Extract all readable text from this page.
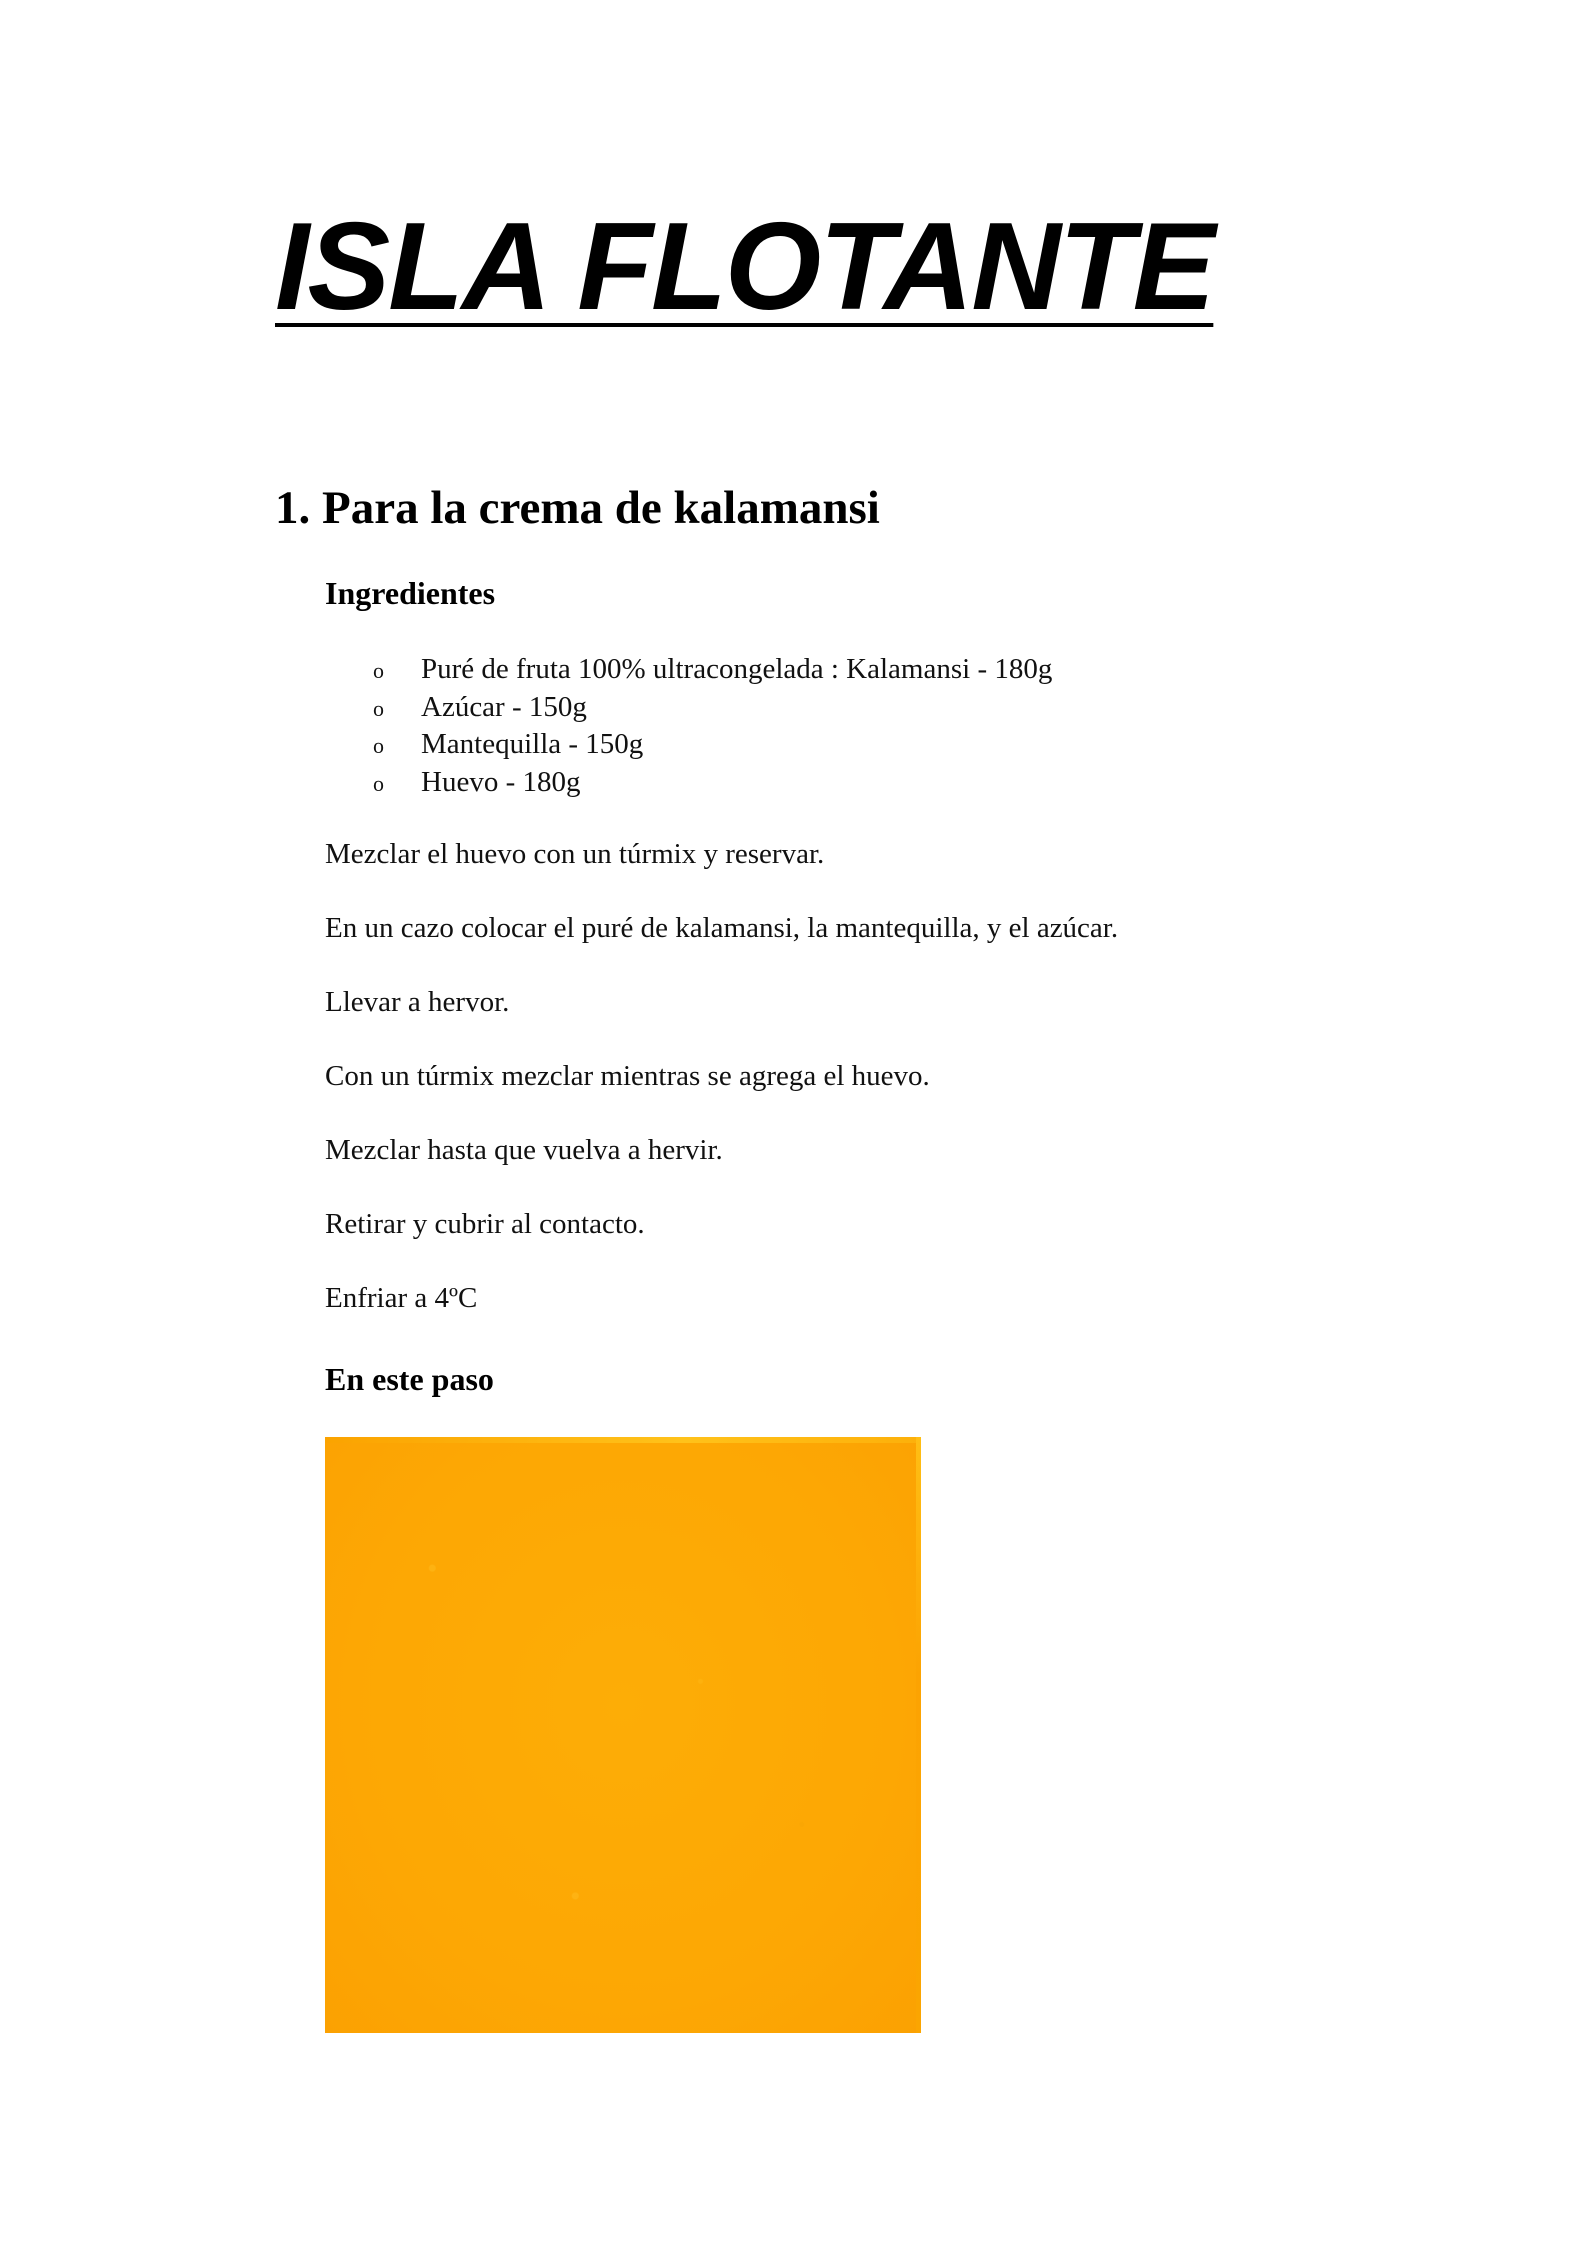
ISLA FLOTANTE
1. Para la crema de kalamansi
Ingredientes
o Puré de fruta 100% ultracongelada : Kalamansi - 180g
o Azúcar - 150g
o Mantequilla - 150g
o Huevo - 180g

Mezclar el huevo con un túrmix y reservar.

En un cazo colocar el puré de kalamansi, la mantequilla, y el azúcar.

Llevar a hervor.

Con un túrmix mezclar mientras se agrega el huevo.

Mezclar hasta que vuelva a hervir.

Retirar y cubrir al contacto.

Enfriar a 4ºC

En este paso
